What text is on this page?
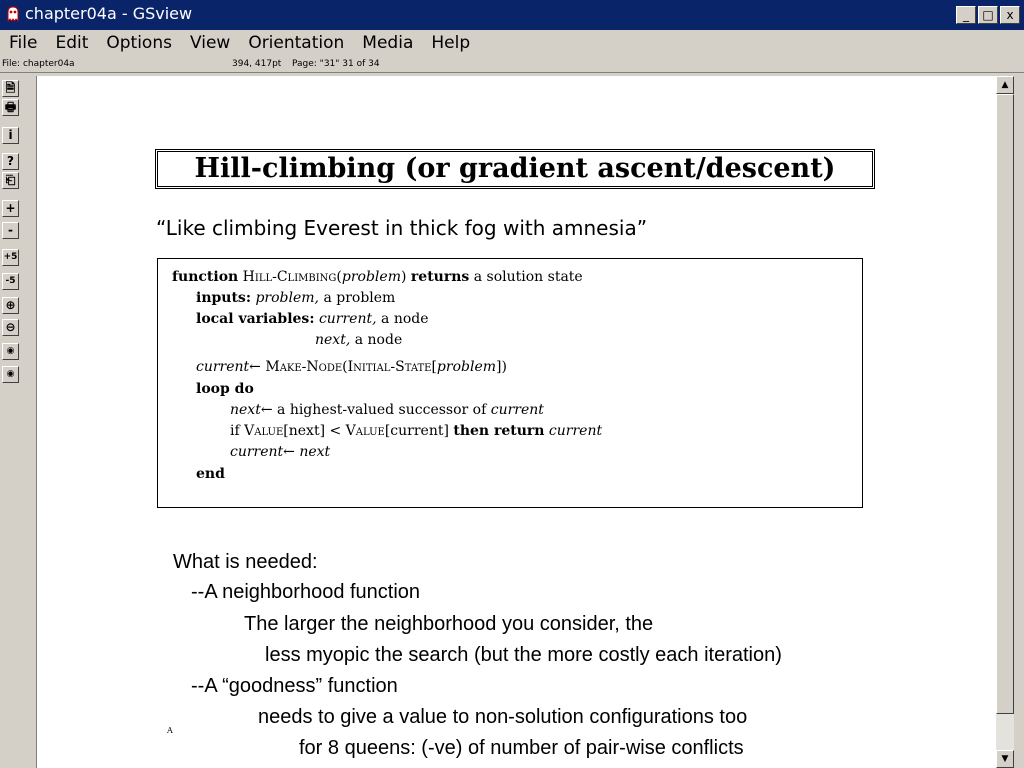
chapter04a - GSview	_	□	x
File	Edit	Options	View	Orientation	Media	Help
File: chapter04a	394, 417pt Page: "31" 31 of 34
🗎
🖶
i
?
⎗
+
-
+5
-5
⊕
⊖
◉
◉
Hill-climbing (or gradient ascent/descent)
“Like climbing Everest in thick fog with amnesia”
function Hill-Climbing(problem) returns a solution state
inputs: problem, a problem
local variables: current, a node
next, a node
current← Make-Node(Initial-State[problem])
loop do
next← a highest-valued successor of current
if Value[next] < Value[current] then return current
current← next
end
What is needed:
--A neighborhood function
The larger the neighborhood you consider, the
less myopic the search (but the more costly each iteration)
--A “goodness” function
needs to give a value to non-solution configurations too
for 8 queens: (-ve) of number of pair-wise conflicts
A
▲
▼
